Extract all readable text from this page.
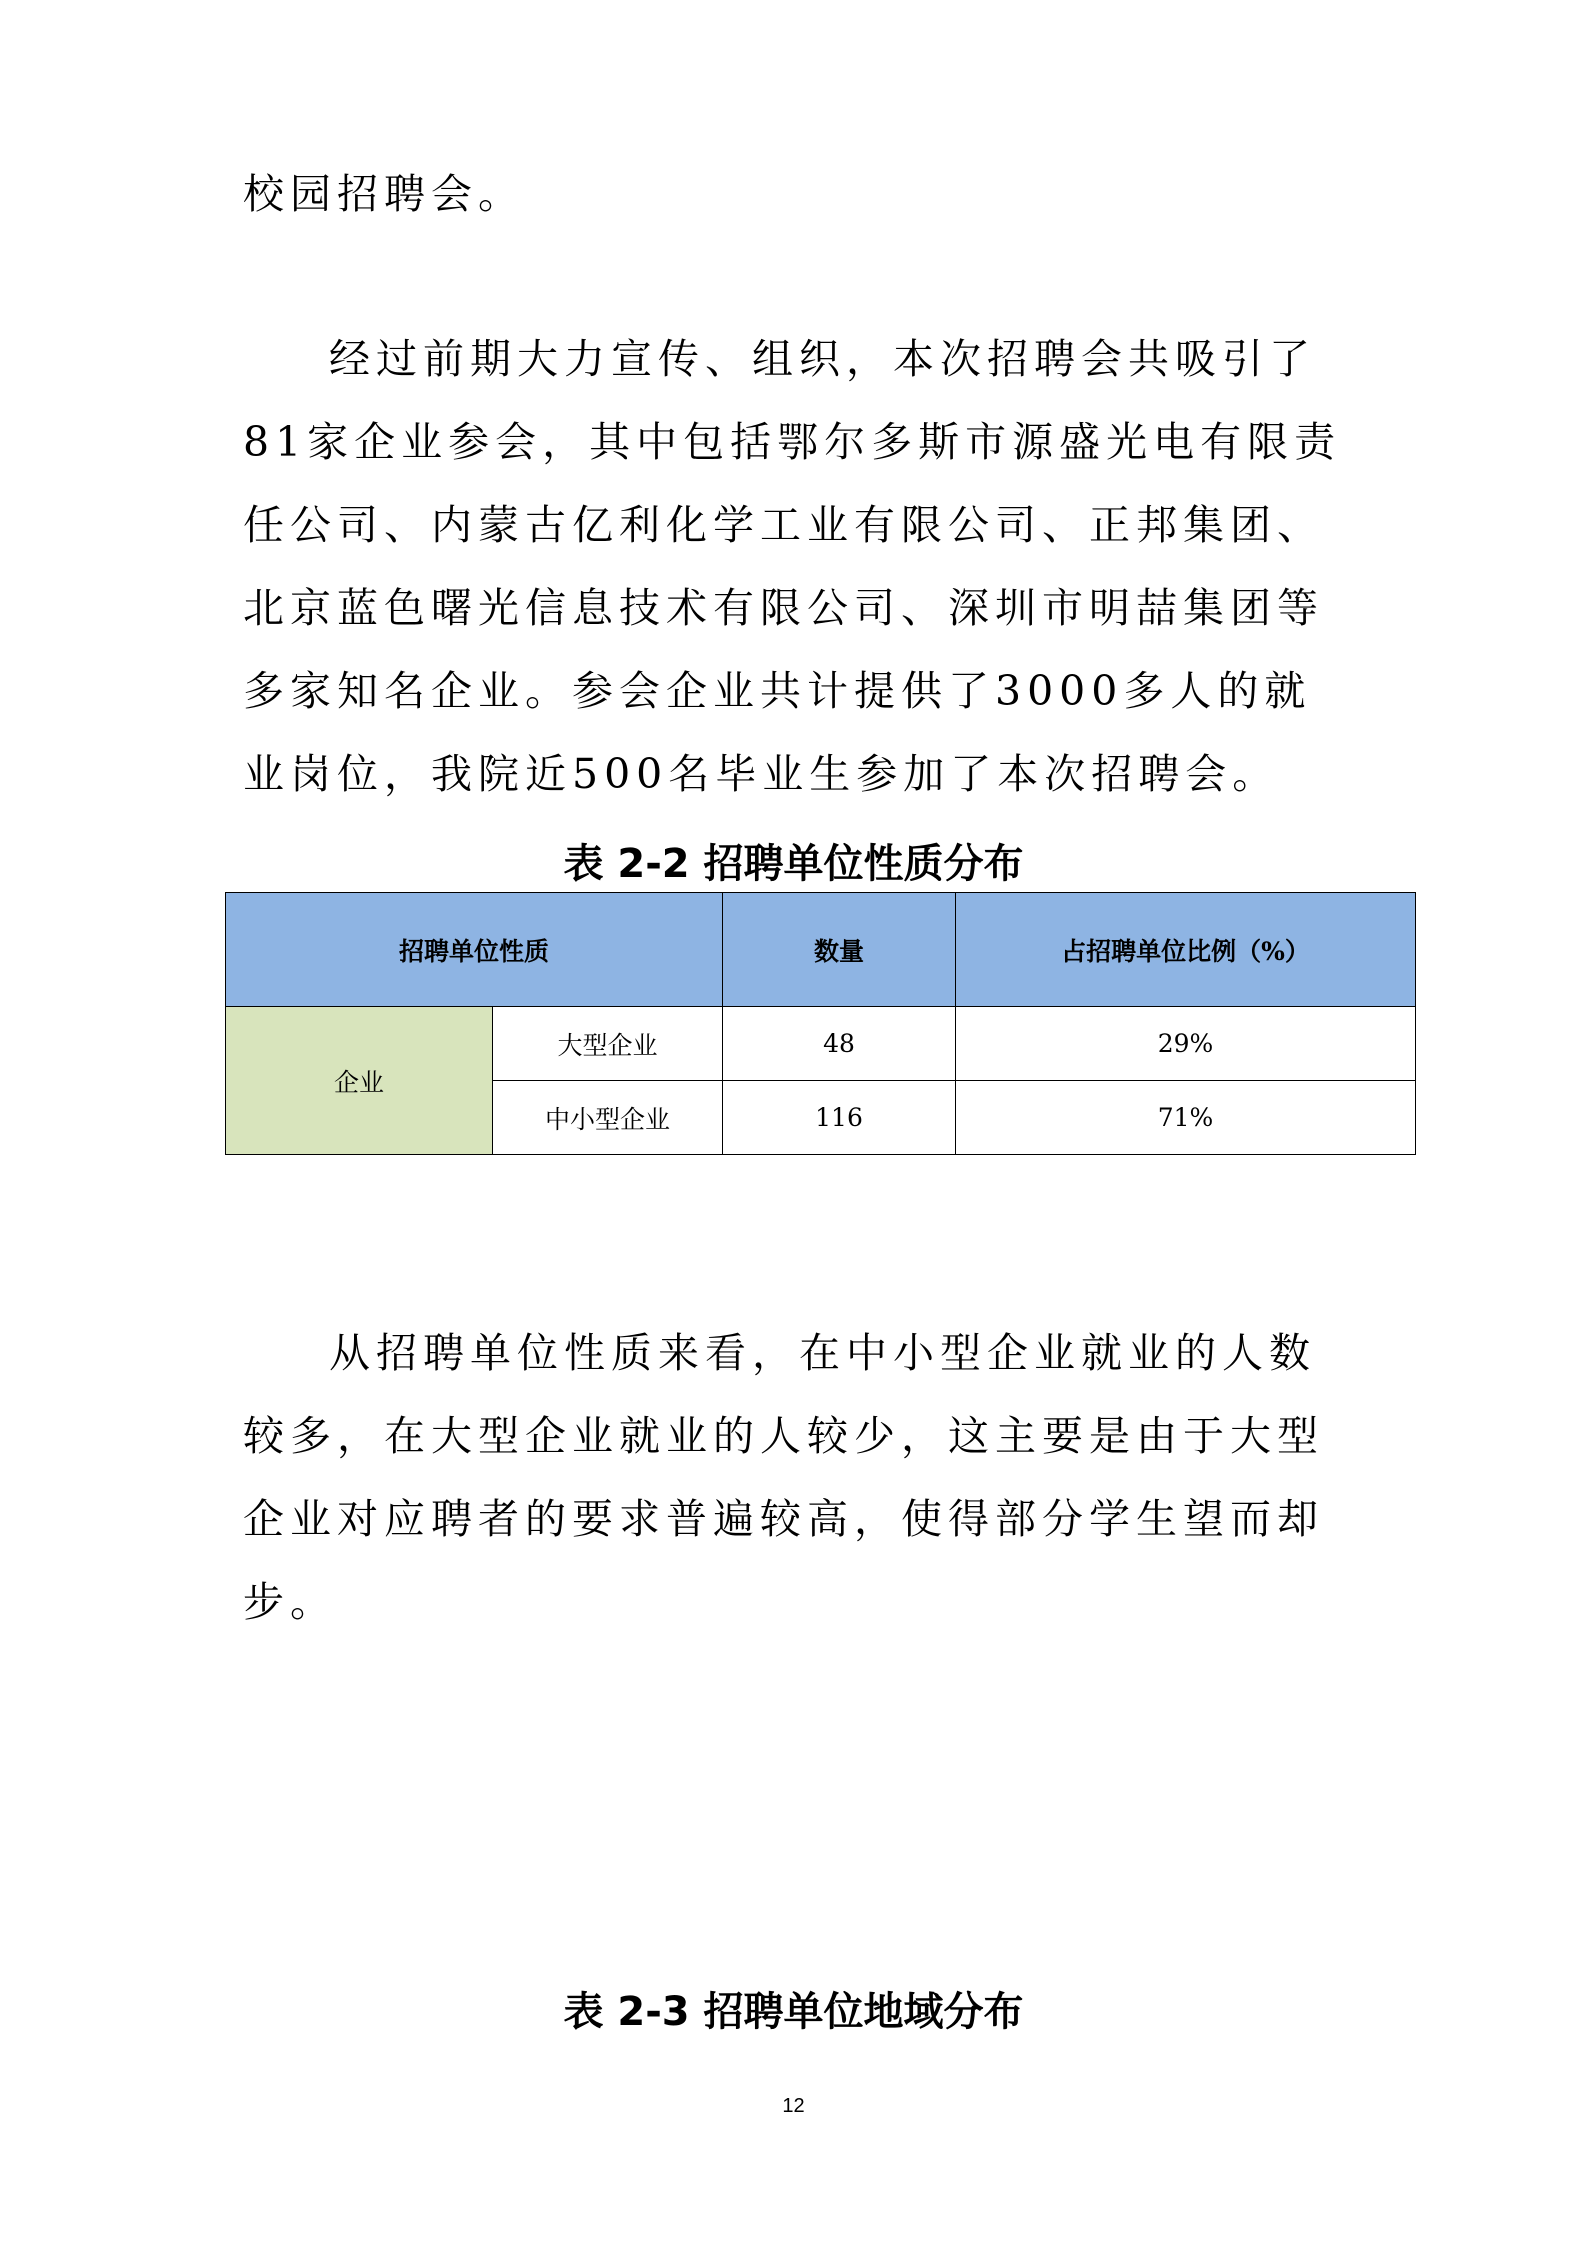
校园招聘会。

经过前期大力宣传、组织，本次招聘会共吸引了81家企业参会，其中包括鄂尔多斯市源盛光电有限责任公司、内蒙古亿利化学工业有限公司、正邦集团、北京蓝色曙光信息技术有限公司、深圳市明喆集团等多家知名企业。参会企业共计提供了3000多人的就业岗位，我院近500名毕业生参加了本次招聘会。

表 2-2 招聘单位性质分布

招聘单位性质		数量	占招聘单位比例（%）
企业	大型企业	48	29%
	中小型企业	116	71%

从招聘单位性质来看，在中小型企业就业的人数较多，在大型企业就业的人较少，这主要是由于大型企业对应聘者的要求普遍较高，使得部分学生望而却步。

表 2-3 招聘单位地域分布

12
